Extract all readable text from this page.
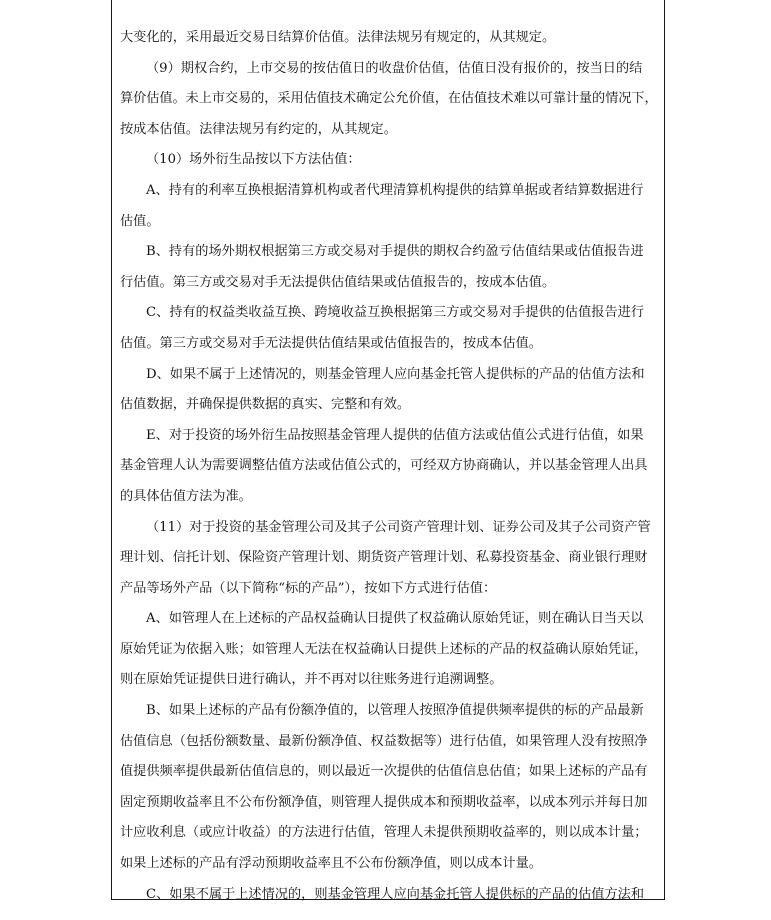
大变化的，采用最近交易日结算价估值。法律法规另有规定的，从其规定。

（9）期权合约，上市交易的按估值日的收盘价估值，估值日没有报价的，按当日的结
算价估值。未上市交易的，采用估值技术确定公允价值，在估值技术难以可靠计量的情况下，
按成本估值。法律法规另有约定的，从其规定。

（10）场外衍生品按以下方法估值：

A、持有的利率互换根据清算机构或者代理清算机构提供的结算单据或者结算数据进行
估值。

B、持有的场外期权根据第三方或交易对手提供的期权合约盈亏估值结果或估值报告进
行估值。第三方或交易对手无法提供估值结果或估值报告的，按成本估值。

C、持有的权益类收益互换、跨境收益互换根据第三方或交易对手提供的估值报告进行
估值。第三方或交易对手无法提供估值结果或估值报告的，按成本估值。

D、如果不属于上述情况的，则基金管理人应向基金托管人提供标的产品的估值方法和
估值数据，并确保提供数据的真实、完整和有效。

E、对于投资的场外衍生品按照基金管理人提供的估值方法或估值公式进行估值，如果
基金管理人认为需要调整估值方法或估值公式的，可经双方协商确认，并以基金管理人出具
的具体估值方法为准。

（11）对于投资的基金管理公司及其子公司资产管理计划、证券公司及其子公司资产管
理计划、信托计划、保险资产管理计划、期货资产管理计划、私募投资基金、商业银行理财
产品等场外产品（以下简称“标的产品”），按如下方式进行估值：

A、如管理人在上述标的产品权益确认日提供了权益确认原始凭证，则在确认日当天以
原始凭证为依据入账；如管理人无法在权益确认日提供上述标的产品的权益确认原始凭证，
则在原始凭证提供日进行确认，并不再对以往账务进行追溯调整。

B、如果上述标的产品有份额净值的，以管理人按照净值提供频率提供的标的产品最新
估值信息（包括份额数量、最新份额净值、权益数据等）进行估值，如果管理人没有按照净
值提供频率提供最新估值信息的，则以最近一次提供的估值信息估值；如果上述标的产品有
固定预期收益率且不公布份额净值，则管理人提供成本和预期收益率，以成本列示并每日加
计应收利息（或应计收益）的方法进行估值，管理人未提供预期收益率的，则以成本计量；
如果上述标的产品有浮动预期收益率且不公布份额净值，则以成本计量。

C、如果不属于上述情况的，则基金管理人应向基金托管人提供标的产品的估值方法和
